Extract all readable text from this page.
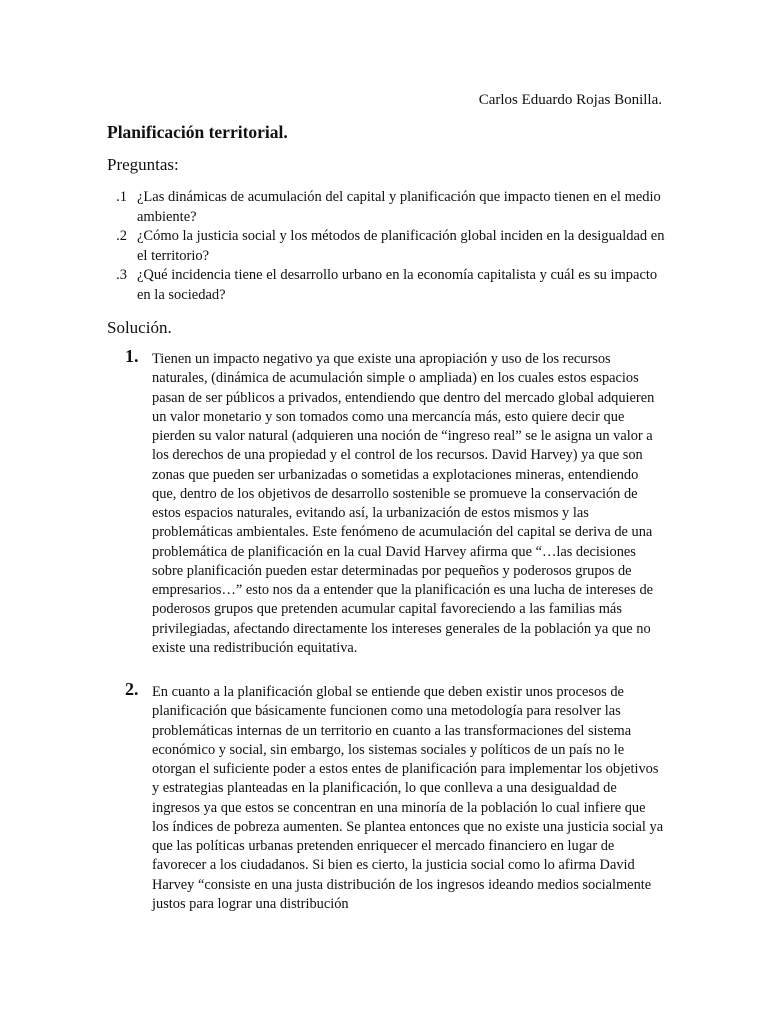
Carlos Eduardo Rojas Bonilla.
Planificación territorial.
Preguntas:
1. ¿Las dinámicas de acumulación del capital y planificación que impacto tienen en el medio ambiente?
2. ¿Cómo la justicia social y los métodos de planificación global inciden en la desigualdad en el territorio?
3. ¿Qué incidencia tiene el desarrollo urbano en la economía capitalista y cuál es su impacto en la sociedad?
Solución.
1. Tienen un impacto negativo ya que existe una apropiación y uso de los recursos naturales, (dinámica de acumulación simple o ampliada) en los cuales estos espacios pasan de ser públicos a privados, entendiendo que dentro del mercado global adquieren un valor monetario y son tomados como una mercancía más, esto quiere decir que pierden su valor natural (adquieren una noción de “ingreso real” se le asigna un valor a los derechos de una propiedad y el control de los recursos. David Harvey) ya que son zonas que pueden ser urbanizadas o sometidas a explotaciones mineras, entendiendo que, dentro de los objetivos de desarrollo sostenible se promueve la conservación de estos espacios naturales, evitando así, la urbanización de estos mismos y las problemáticas ambientales. Este fenómeno de acumulación del capital se deriva de una problemática de planificación en la cual David Harvey afirma que “…las decisiones sobre planificación pueden estar determinadas por pequeños y poderosos grupos de empresarios…” esto nos da a entender que la planificación es una lucha de intereses de poderosos grupos que pretenden acumular capital favoreciendo a las familias más privilegiadas, afectando directamente los intereses generales de la población ya que no existe una redistribución equitativa.

2. En cuanto a la planificación global se entiende que deben existir unos procesos de planificación que básicamente funcionen como una metodología para resolver las problemáticas internas de un territorio en cuanto a las transformaciones del sistema económico y social, sin embargo, los sistemas sociales y políticos de un país no le otorgan el suficiente poder a estos entes de planificación para implementar los objetivos y estrategias planteadas en la planificación, lo que conlleva a una desigualdad de ingresos ya que estos se concentran en una minoría de la población lo cual infiere que los índices de pobreza aumenten. Se plantea entonces que no existe una justicia social ya que las políticas urbanas pretenden enriquecer el mercado financiero en lugar de favorecer a los ciudadanos. Si bien es cierto, la justicia social como lo afirma David Harvey “consiste en una justa distribución de los ingresos ideando medios socialmente justos para lograr una distribución
